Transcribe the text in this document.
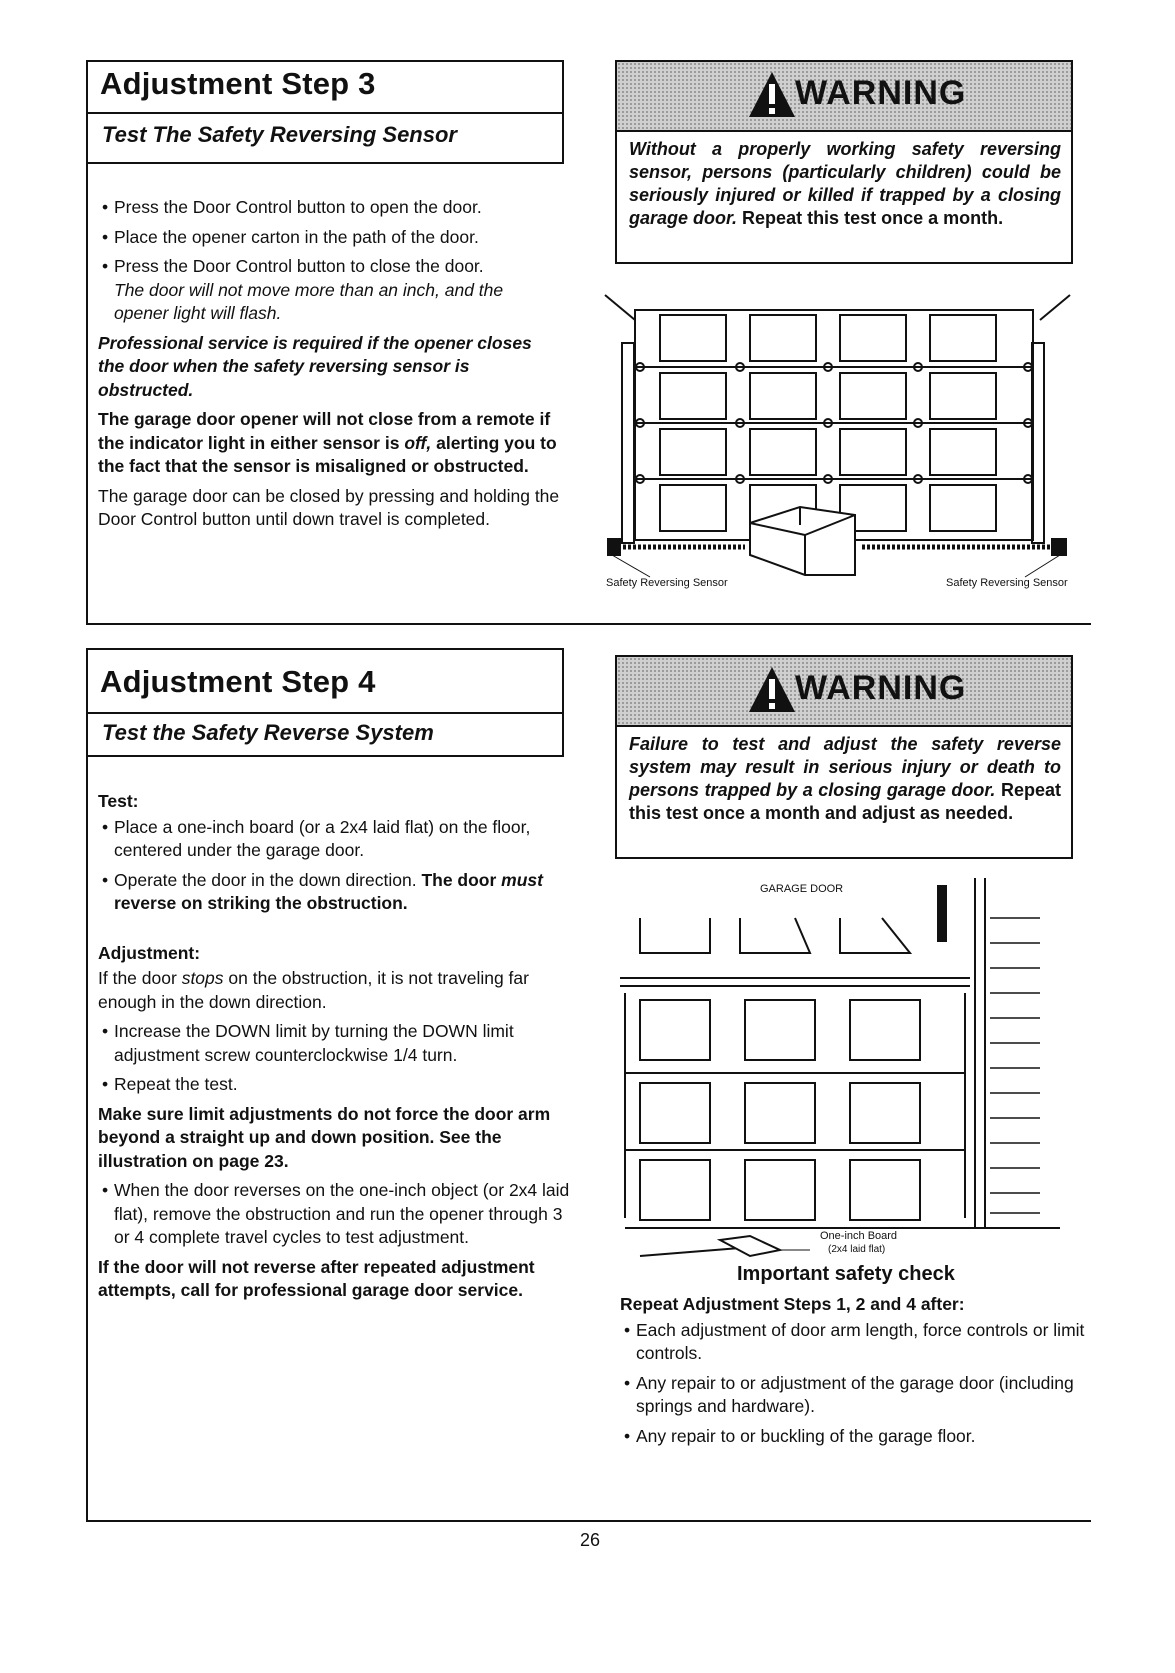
Adjustment Step 3
Test The Safety Reversing Sensor

• Press the Door Control button to open the door.

• Place the opener carton in the path of the door.

• Press the Door Control button to close the door.

The door will not move more than an inch, and the opener light will flash.

Professional service is required if the opener closes the door when the safety reversing sensor is obstructed.

The garage door opener will not close from a remote if the indicator light in either sensor is off, alerting you to the fact that the sensor is misaligned or obstructed.

The garage door can be closed by pressing and holding the Door Control button until down travel is completed.

WARNING
Without a properly working safety reversing sensor, persons (particularly children) could be seriously injured or killed if trapped by a closing garage door. Repeat this test once a month.
Safety Reversing Sensor	Safety Reversing Sensor
Adjustment Step 4
Test the Safety Reverse System

Test:

• Place a one-inch board (or a 2x4 laid flat) on the floor, centered under the garage door.

• Operate the door in the down direction. The door must reverse on striking the obstruction.

Adjustment:

If the door stops on the obstruction, it is not traveling far enough in the down direction.

• Increase the DOWN limit by turning the DOWN limit adjustment screw counterclockwise 1/4 turn.

• Repeat the test.

Make sure limit adjustments do not force the door arm beyond a straight up and down position. See the illustration on page 23.

• When the door reverses on the one-inch object (or 2x4 laid flat), remove the obstruction and run the opener through 3 or 4 complete travel cycles to test adjustment.

If the door will not reverse after repeated adjustment attempts, call for professional garage door service.

WARNING
Failure to test and adjust the safety reverse system may result in serious injury or death to persons trapped by a closing garage door. Repeat this test once a month and adjust as needed.
GARAGE DOOR
One-inch Board
(2x4 laid flat)
Important safety check

Repeat Adjustment Steps 1, 2 and 4 after:

• Each adjustment of door arm length, force controls or limit controls.

• Any repair to or adjustment of the garage door (including springs and hardware).

• Any repair to or buckling of the garage floor.

26
